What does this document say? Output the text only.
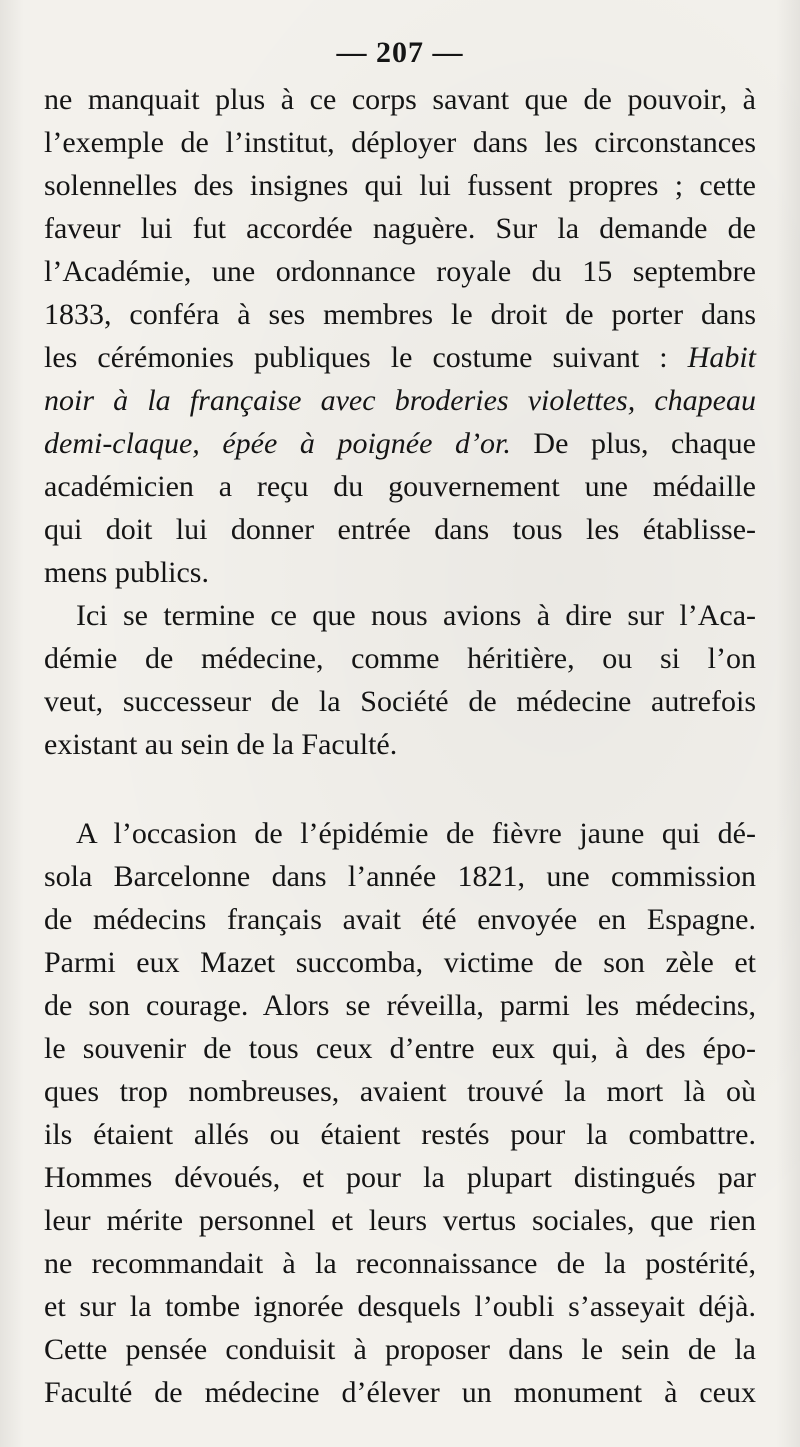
— 207 —
ne manquait plus à ce corps savant que de pouvoir, à
l’exemple de l’institut, déployer dans les circonstances
solennelles des insignes qui lui fussent propres ; cette
faveur lui fut accordée naguère. Sur la demande de
l’Académie, une ordonnance royale du 15 septembre
1833, conféra à ses membres le droit de porter dans
les cérémonies publiques le costume suivant : Habit
noir à la française avec broderies violettes, chapeau
demi-claque, épée à poignée d’or. De plus, chaque
académicien a reçu du gouvernement une médaille
qui doit lui donner entrée dans tous les établisse-
mens publics.
Ici se termine ce que nous avions à dire sur l’Aca-
démie de médecine, comme héritière, ou si l’on
veut, successeur de la Société de médecine autrefois
existant au sein de la Faculté.
A l’occasion de l’épidémie de fièvre jaune qui dé-
sola Barcelonne dans l’année 1821, une commission
de médecins français avait été envoyée en Espagne.
Parmi eux Mazet succomba, victime de son zèle et
de son courage. Alors se réveilla, parmi les médecins,
le souvenir de tous ceux d’entre eux qui, à des épo-
ques trop nombreuses, avaient trouvé la mort là où
ils étaient allés ou étaient restés pour la combattre.
Hommes dévoués, et pour la plupart distingués par
leur mérite personnel et leurs vertus sociales, que rien
ne recommandait à la reconnaissance de la postérité,
et sur la tombe ignorée desquels l’oubli s’asseyait déjà.
Cette pensée conduisit à proposer dans le sein de la
Faculté de médecine d’élever un monument à ceux
